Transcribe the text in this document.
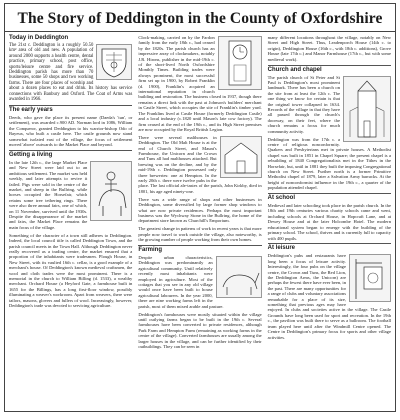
The Story of Deddington in the County of Oxfordshire
Today in Deddington

The 21st c. Deddington is a roughly 50.50 km² area of old and new. A population of around 2000 supports a health centre, dental practice, primary school, post office, sports/leisure centre and fire service. Deddington parish has more than 70 businesses, some 50 shops and two working farms. There are four places of worship and about a dozen places to eat and drink. Its history has service connections with Banbury and Oxford. The Coat of Arms was awarded in 1966.

The early years

Deeds, who gave the place its present name (Daeda's 'tun', or settlement), was awarded c.900 AD. Norman lord in 1086, William the Conqueror, granted Deddington to his warrior-bishop Odo of Bayeux, who built a castle here. The castle grounds now stand somewhat isolated east of the village, the focus of settlement moved 'above' outwards to the Market Place and beyond.

Getting a living

In the late 12th c., the large Market Place and New Street were laid out to an ambitious settlement. The market was held weekly, and later attempts to revive it failed. Pigs were sold in the centre of the market, and sheep in the Bullring, while horses occupied the Horsefair, which retains some tree tethering rings. There were also three annual fairs, one of which, on 11 November, survived until the 1930s. Despite the disappearance of the market and fairs, the Market Place remains the main focus of the village.

Something of the character of a town still adheres to Deddington. Indeed, the local council title is called Deddington Town, and the parish council meets in the Town Hall. Although Deddington never really recovered as a trading centre, the market ensured that a proportion of the inhabitants were tradesmen. Plough House, in New Street, with its vaulted 16th c. cellar, is a good example of a merchant's house. Of Deddington's known medieval craftsmen, the wool and cloth trades were the most prominent. There is a memorial in the church to William Billing (d. 1533), a wealthy merchant. Orchard House (a Heyford Gate, a farmhouse built in 1655 for the Billings, has a long first-floor window, possibly illuminating a weaver's workroom. Apart from weavers, there were tailors, masons, glovers and fullers of wool. Increasingly, however, Deddington's trade was devoted to servicing agriculture.

Clock-making, carried on by the Fardon family from the early 18th c., had ceased by the 1820s. The parish church has an impressive array of clockmakers, notably J.R. Hirons, publisher in the mid-19th c. of the short-lived North Oxfordshire Monthly Times. Building trades were always prominent, the most successful firm set up in 1900, by Robert Franklin (d. 1900), Franklin's acquired an international reputation in church building and restoration. The business closed in 1937, though there remains a direct link with the past at Johnson's builders' merchant in Castle Street, which occupies the site of Franklin's timber yard. The Franklins lived at Castle House (formerly Deddington Castle) and a local industry (c.1820 until Mason's late cow factory). The firm ceased at the end of the 19th c., and its High Street premises are now occupied by the Royal British Legion.

There were several malthouses in Deddington. The Old Malt House is at the end of Church Street, and Maunt's Farmhouse, the Unicorn and the Crown and Tuns all had malthouses attached. But brewing was on the decline, and by the mid-19th c. Deddington possessed only three breweries: one at Hempton. In the early 20th c. there were twelve pubs in the place. The last official ale-tastes of the parish, John Kirkby, died in 1801, his age aged ninety-one.

There was a wide range of shops and other businesses in Deddington, some diversified by large former shop windows to what are now private residences. Perhaps the most important business was the Wychway Stone in the Bullring, the home of the department store known as Churchill's Emporium.

The greatest change in patterns of work in recent years is that more people now travel to work outside the village, also noteworthy, is the growing number of people working from their own homes.

Farming

Despite urban characteristics, Deddington was predominantly an agricultural community. Until relatively recently most inhabitants were employed in agriculture. Most of the cottages that you see in any old village would once have been built to house agricultural labourers. In the year 2000, there are nine working farms left in the parish, most of them mixed arable and pasture.

Deddington's farmhouses were mostly situated within the village until outlying farms began to be built in the 19th c. Several farmhouses have been converted to private residences, although Park Farm and Hempton Farm (remaining as working farms in the centre of the village). Converted farmhouses are usually among the larger houses in the village, and can be further identified by their outbuildings. They can be seen in

many different locations throughout the village, notably on New Street and High Street. Thus, Leadenporch House (14th c. to origin), Deddington House (16th c., with 18th c. additions), Grove House (late 17th c.) and Manor Farmhouse (17th c., but with some medieval work).

Church and chapel

The parish church of St Peter and St Paul is Deddington's most prominent landmark. There has been a church on the site from at least the 12th c. The one thing we know for certain is that the original tower collapsed in 1634. Records of the village in that they have all passed through the church's doorway, on their feet, where the church remains a focus for much community activity.

Deddington was from the 17th c. a centre of religious nonconformity. Quakers and Presbyterians met in private houses. A Methodist chapel was built in 1851 in Chapel Square; the present chapel is a rebuilding of 1840 Congregationalists met in the Tithes in the Horsefair, but, until in 1881 they built the imposing Congregational church on New Street. Further north is a former Primitive Methodist chapel of 1879, later a Salvation Army barracks. At the height of nonconformist influence in the 19th c., a quarter of the population attended chapel.

At school

Medieval and later schooling took place in the parish church. In the 18th and 19th centuries various charity schools came and went, including schools at Orchard House, in Hopcraft Lane, and at Dewey House and at the later Holcombe Hotel. The modern educational system began to emerge with the building of the primary school. The school, thrives and is currently full to capacity with 400 pupils.

At leisure

Deddington's pubs and restaurants have long been a focus of leisure activity. Interestingly, the four pubs on the village centre, the Crown and Tuns, the Red Lion, the Deddington Arms, the Unicorn) are perhaps the fewest there have ever been, in the past. There are many opportunities for a range of clubs and voluntary associations remarkable for a place of its size, something that previous ages may have enjoyed. In clubs and societies active in the village. The Castle Grounds have long been used for sport and recreation. In the 19th c., the pavilion was built there to serve as a ballroom. The football team played here until after the Windmill Centre opened. The Centre in Deddington's primary focus for sports and other village activities.
